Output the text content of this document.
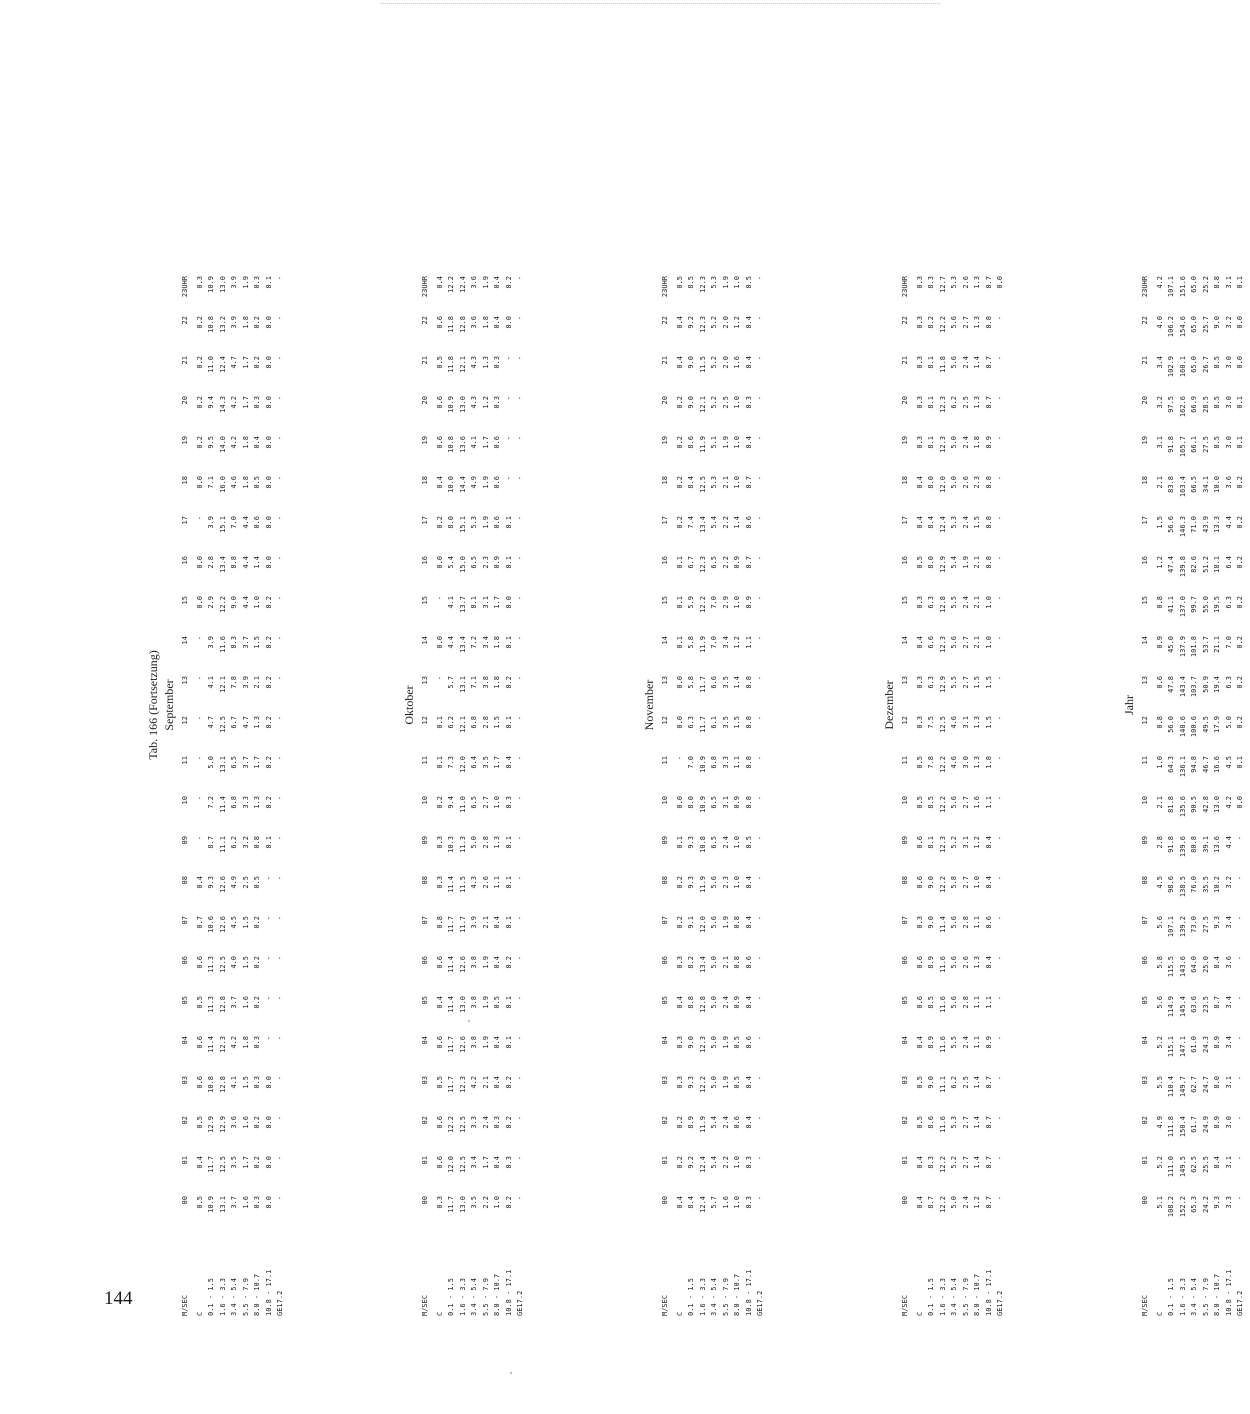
Tab. 166 (Fortsetzung) September
M/SEC
00
01
02
03
04
05
06
07
08
09
10
11
12
13
14
15
16
17
18
19
20
21
22
23UHR
C
0.5
0.4
0.5
0.6
0.6
0.5
0.6
0.7
0.4
-
-
-
-
-
-
0.0
0.0
-
0.0
0.2
0.2
0.2
0.2
0.3
0.1 - 1.5
10.9
11.7
12.9
10.8
11.4
11.3
11.3
10.6
9.3
8.7
7.2
5.0
4.7
4.1
3.9
2.9
2.8
3.9
7.1
9.5
9.4
11.0
10.8
10.9
1.6 - 3.3
13.1
12.5
12.9
12.8
12.3
12.8
12.5
12.6
12.6
11.1
11.4
13.1
12.5
12.1
11.6
12.2
13.4
15.1
16.0
14.0
14.3
12.4
13.2
13.0
3.4 - 5.4
3.7
3.5
3.6
4.1
4.2
3.7
4.0
4.5
4.9
6.2
6.8
6.5
6.7
7.8
8.3
9.0
8.8
7.0
4.6
4.2
4.2
4.7
3.9
3.9
5.5 - 7.9
1.6
1.7
1.6
1.5
1.8
1.6
1.5
1.5
2.5
3.2
3.3
3.7
4.7
3.9
3.7
4.4
4.4
4.4
1.8
1.8
1.7
1.7
1.8
1.9
8.0 - 10.7
0.3
0.2
0.2
0.3
0.3
0.2
0.2
0.2
0.5
0.8
1.3
1.7
1.3
2.1
1.5
1.0
1.4
0.6
0.5
0.4
0.3
0.2
0.2
0.3
10.8 - 17.1
0.0
0.0
0.0
0.0
-
-
-
-
-
0.1
0.2
0.2
0.2
0.2
0.2
0.2
0.0
0.0
0.0
0.0
0.0
0.0
0.0
0.1
GE17.2
-
-
-
-
-
-
-
-
-
-
-
-
-
-
-
-
-
-
-
-
-
-
-
-
Oktober
M/SEC
00
01
02
03
04
05
06
07
08
09
10
11
12
13
14
15
16
17
18
19
20
21
22
23UHR
C
0.3
0.6
0.6
0.5
0.6
0.4
0.6
0.8
0.3
0.3
0.2
0.1
0.1
-
0.0
-
0.0
0.2
0.4
0.6
0.6
0.5
0.6
0.4
0.1 - 1.5
11.7
12.0
12.2
11.7
11.7
11.4
11.4
11.7
11.4
10.3
9.4
7.3
6.2
5.7
4.4
4.1
5.4
8.0
10.0
10.8
10.9
11.8
11.8
12.2
1.6 - 3.3
13.0
12.5
12.5
12.3
12.6
13.0
12.6
11.7
11.5
11.3
11.0
12.0
12.1
13.1
13.4
13.7
15.0
15.1
14.4
13.6
13.0
12.1
12.8
12.4
3.4 - 5.4
3.5
3.4
3.3
4.2
3.8
3.8
3.8
3.9
4.3
5.0
6.5
6.4
6.8
7.1
7.2
8.1
6.5
5.3
4.9
4.1
4.3
4.3
3.6
3.6
5.5 - 7.9
2.2
1.7
2.4
2.1
1.9
1.9
1.9
2.1
2.6
2.8
2.7
3.5
2.8
3.8
3.4
3.1
2.3
1.9
1.9
1.7
1.2
1.3
1.8
1.9
8.0 - 10.7
1.0
0.4
0.3
0.4
0.4
0.5
0.4
0.4
1.1
1.3
1.0
1.7
1.5
1.8
1.8
1.7
0.9
0.6
0.6
0.6
0.3
0.3
0.4
0.4
10.8 - 17.1
0.2
0.3
0.2
0.2
0.1
0.1
0.2
0.1
0.1
0.1
0.3
0.4
0.1
0.2
0.1
0.0
0.1
0.1
-
-
-
-
0.0
0.2
GE17.2
-
-
-
-
-
-
-
-
-
-
-
-
-
-
-
-
-
-
-
-
-
-
-
-
November
M/SEC
00
01
02
03
04
05
06
07
08
09
10
11
12
13
14
15
16
17
18
19
20
21
22
23UHR
C
0.4
0.2
0.2
0.3
0.3
0.4
0.3
0.2
0.2
0.1
0.0
-
0.0
0.0
0.1
0.1
0.1
0.2
0.2
0.2
0.2
0.4
0.4
0.5
0.1 - 1.5
8.4
9.2
8.9
9.3
9.0
8.8
8.2
9.1
9.3
9.3
8.0
7.0
6.3
5.8
5.8
5.9
6.7
7.4
8.4
8.6
9.0
9.0
9.2
8.5
1.6 - 3.3
12.4
12.4
11.9
12.2
12.3
12.8
13.4
12.0
11.9
10.8
10.9
10.9
11.7
11.7
11.9
12.2
12.3
13.4
12.5
11.9
12.1
11.5
12.3
12.3
3.4 - 5.4
5.7
5.4
5.4
5.0
5.0
5.0
5.0
5.6
5.6
6.5
6.5
6.8
6.1
6.6
7.0
7.0
6.5
5.4
5.3
5.1
5.2
5.2
5.2
5.3
5.5 - 7.9
1.6
2.2
2.4
1.9
1.9
2.4
2.1
1.9
2.3
2.4
3.1
3.3
3.5
3.5
3.4
2.9
2.2
2.2
2.1
1.9
2.5
2.0
2.0
1.9
8.0 - 10.7
1.0
1.0
0.6
0.5
0.5
0.9
0.8
0.8
1.0
1.0
0.9
1.1
1.5
1.4
1.2
1.0
0.9
1.4
1.0
1.0
1.0
1.6
1.2
1.0
10.8 - 17.1
0.3
0.3
0.4
0.4
0.6
0.4
0.6
0.4
0.4
0.5
0.8
0.8
0.8
0.8
1.1
0.9
0.7
0.6
0.7
0.4
0.3
0.4
0.4
0.5
GE17.2
-
-
-
-
-
-
-
-
-
-
-
-
-
-
-
-
-
-
-
-
-
-
-
-
Dezember
M/SEC
00
01
02
03
04
05
06
07
08
09
10
11
12
13
14
15
16
17
18
19
20
21
22
23UHR
C
0.4
0.4
0.5
0.5
0.4
0.6
0.6
0.3
0.6
0.6
0.5
0.5
0.3
0.3
0.4
0.3
0.5
0.4
0.4
0.3
0.3
0.3
0.3
0.3
0.1 - 1.5
8.7
8.3
8.6
9.0
8.9
8.5
8.9
9.0
9.0
8.1
8.5
7.8
7.5
6.3
6.6
6.3
8.0
8.4
8.0
8.1
8.1
8.1
8.2
8.3
1.6 - 3.3
12.2
12.2
11.6
11.1
11.6
11.6
11.6
11.4
12.2
12.3
12.2
12.2
12.5
12.9
12.3
12.8
12.9
12.4
12.0
12.3
12.3
11.8
12.2
12.7
3.4 - 5.4
5.0
5.2
5.3
6.2
5.5
5.6
5.6
5.6
5.8
5.2
5.6
4.6
4.6
5.5
5.6
5.5
5.4
5.3
5.0
5.0
6.2
5.6
5.6
5.3
5.5 - 7.9
2.4
2.7
2.7
2.5
2.4
2.8
2.6
2.8
2.7
3.1
2.7
3.0
3.1
2.7
2.7
2.4
1.9
2.4
2.6
2.4
2.5
2.4
2.7
2.6
8.0 - 10.7
1.2
1.4
1.4
1.4
1.1
1.1
1.3
1.1
1.0
1.2
1.6
1.3
1.3
1.5
2.1
2.1
2.1
1.5
2.3
1.8
1.3
1.4
1.3
1.3
10.8 - 17.1
0.7
0.7
0.7
0.7
0.9
1.1
0.4
0.6
0.4
0.4
1.1
1.8
1.5
1.5
1.0
1.0
0.8
0.8
0.8
0.9
0.7
0.7
0.8
0.7
GE17.2
-
-
-
-
-
-
-
-
-
-
-
-
-
-
-
-
-
-
-
-
-
-
-
0.0
Jahr
M/SEC
00
01
02
03
04
05
06
07
08
09
10
11
12
13
14
15
16
17
18
19
20
21
22
23UHR
C
5.1
5.2
4.9
5.5
5.2
5.6
5.8
5.6
4.5
2.8
2.1
1.0
0.8
0.6
0.9
0.8
1.2
1.5
2.1
3.1
3.2
3.4
4.0
4.2
0.1 - 1.5
108.2
111.0
111.8
110.4
115.1
114.9
115.5
107.1
98.6
91.8
81.8
64.3
56.0
47.8
45.0
41.1
47.4
56.6
83.8
91.8
97.5
102.9
106.2
107.1
1.6 - 3.3
152.2
149.5
150.4
149.7
147.1
145.4
143.6
139.2
138.5
139.6
135.6
136.1
140.6
143.4
137.9
137.0
139.8
146.3
163.4
165.7
162.6
160.1
154.6
151.6
3.4 - 5.4
65.3
62.5
61.7
62.7
61.0
63.6
64.0
73.0
76.0
80.8
90.5
94.8
100.6
103.7
101.8
99.7
82.6
71.0
66.5
66.1
66.9
65.0
65.0
65.0
5.5 - 7.9
24.2
25.5
24.9
24.7
24.3
23.5
25.0
27.5
35.5
39.1
42.8
46.7
49.5
50.9
53.7
55.0
51.2
43.9
34.1
27.5
28.5
26.7
25.7
25.2
8.0 - 10.7
9.3
8.4
8.9
8.0
8.9
8.7
8.4
9.3
10.2
13.6
13.0
16.6
17.9
19.4
21.1
19.5
18.1
13.3
10.0
8.5
8.5
8.5
9.0
8.8
10.8 - 17.1
3.3
3.1
3.0
3.1
3.4
3.4
3.6
3.4
3.2
4.4
4.2
4.5
5.0
6.3
7.0
6.3
6.4
4.4
3.6
3.0
3.0
3.0
3.2
3.1
GE17.2
-
-
-
-
-
-
-
-
-
-
0.0
0.1
0.2
0.2
0.2
0.2
0.2
0.2
0.2
0.1
0.1
0.0
0.0
0.1
144
